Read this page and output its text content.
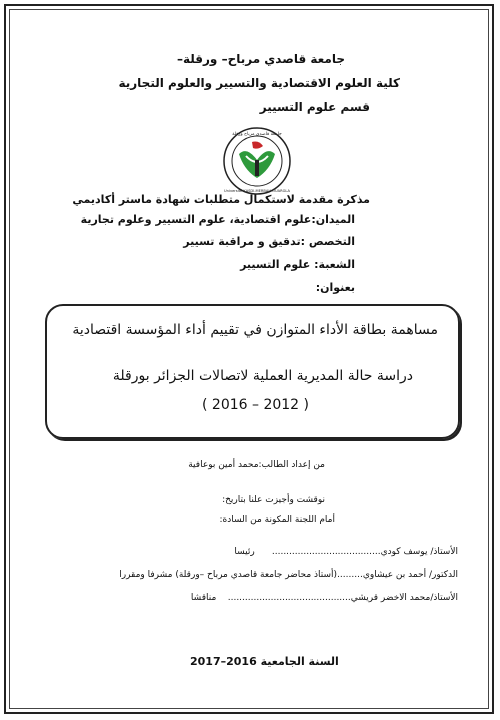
جامعة قاصدي مرباح– ورقلة–
كلية العلوم الاقتصادية والتسيير والعلوم التجارية
قسم علوم التسيير
جامعة قاصدي مرباح ورقلة
Université KASDI-MERBAH OUARGLA
مذكرة مقدمة لاستكمال متطلبات شهادة ماستر أكاديمي
الميدان:علوم اقتصادية، علوم التسيير وعلوم تجارية
التخصص :تدقيق و مراقبة تسيير
الشعبة: علوم التسيير
بعنوان:
مساهمة بطاقة الأداء المتوازن في تقييم أداء المؤسسة اقتصادية
دراسة حالة المديرية العملية لاتصالات الجزائر بورقلة
( 2016 – 2012 )
من إعداد الطالب:محمد أمين بوعافية
نوقشت وأجيزت علنا بتاريخ:
أمام اللجنة المكونة من السادة:
الأستاذ/ يوسف كودي......................................      رئيسا
الدكتور/ أحمد بن عيشاوي.........(أستاذ محاضر جامعة قاصدي مرباح –ورقلة) مشرفا ومقررا
الأستاذ/محمد الاخضر قريشي...........................................    مناقشا
السنة الجامعية 2016–2017
